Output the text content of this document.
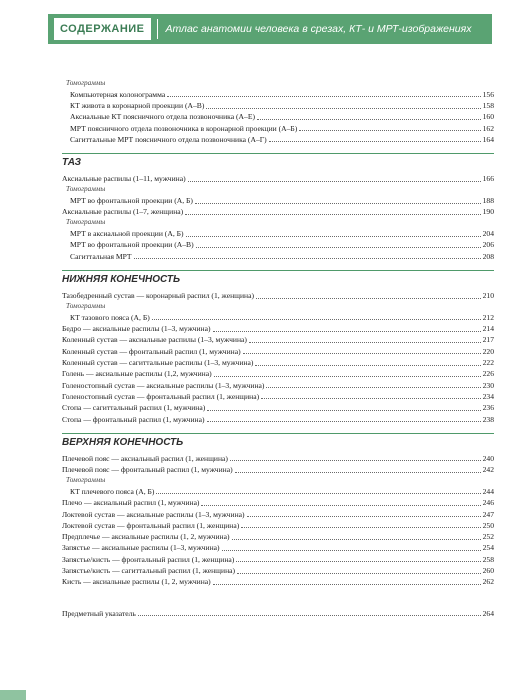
СОДЕРЖАНИЕ	Атлас анатомии человека в срезах, КТ- и МРТ-изображениях
Томограммы
Компьютерная колонограмма	156
КТ живота в коронарной проекции (А–В)	158
Аксиальные КТ поясничного отдела позвоночника (А–Е)	160
МРТ поясничного отдела позвоночника в коронарной проекции (А–Б)	162
Сагиттальные МРТ поясничного отдела позвоночника (А–Г)	164
ТАЗ
Аксиальные распилы (1–11, мужчина)	166
Томограммы
МРТ во фронтальной проекции (А, Б)	188
Аксиальные распилы (1–7, женщина)	190
Томограммы
МРТ в аксиальной проекции (А, Б)	204
МРТ во фронтальной проекции (А–В)	206
Сагиттальная МРТ	208
НИЖНЯЯ КОНЕЧНОСТЬ
Тазобедренный сустав — коронарный распил (1, женщина)	210
Томограммы
КТ тазового пояса (А, Б)	212
Бедро — аксиальные распилы (1–3, мужчина)	214
Коленный сустав — аксиальные распилы (1–3, мужчина)	217
Коленный сустав — фронтальный распил (1, мужчина)	220
Коленный сустав — сагиттальные распилы (1–3, мужчина)	222
Голень — аксиальные распилы (1,2, мужчина)	226
Голеностопный сустав — аксиальные распилы (1–3, мужчина)	230
Голеностопный сустав — фронтальный распил (1, женщина)	234
Стопа — сагиттальный распил (1, мужчина)	236
Стопа — фронтальный распил (1, мужчина)	238
ВЕРХНЯЯ КОНЕЧНОСТЬ
Плечевой пояс — аксиальный распил (1, женщина)	240
Плечевой пояс — фронтальный распил (1, мужчина)	242
Томограммы
КТ плечевого пояса (А, Б)	244
Плечо — аксиальный распил (1, мужчина)	246
Локтевой сустав — аксиальные распилы (1–3, мужчина)	247
Локтевой сустав — фронтальный распил (1, женщина)	250
Предплечье — аксиальные распилы (1, 2, мужчина)	252
Запястье — аксиальные распилы (1–3, мужчина)	254
Запястье/кисть — фронтальный распил (1, женщина)	258
Запястье/кисть — сагиттальный распил (1, женщина)	260
Кисть — аксиальные распилы (1, 2, мужчина)	262
Предметный указатель	264
